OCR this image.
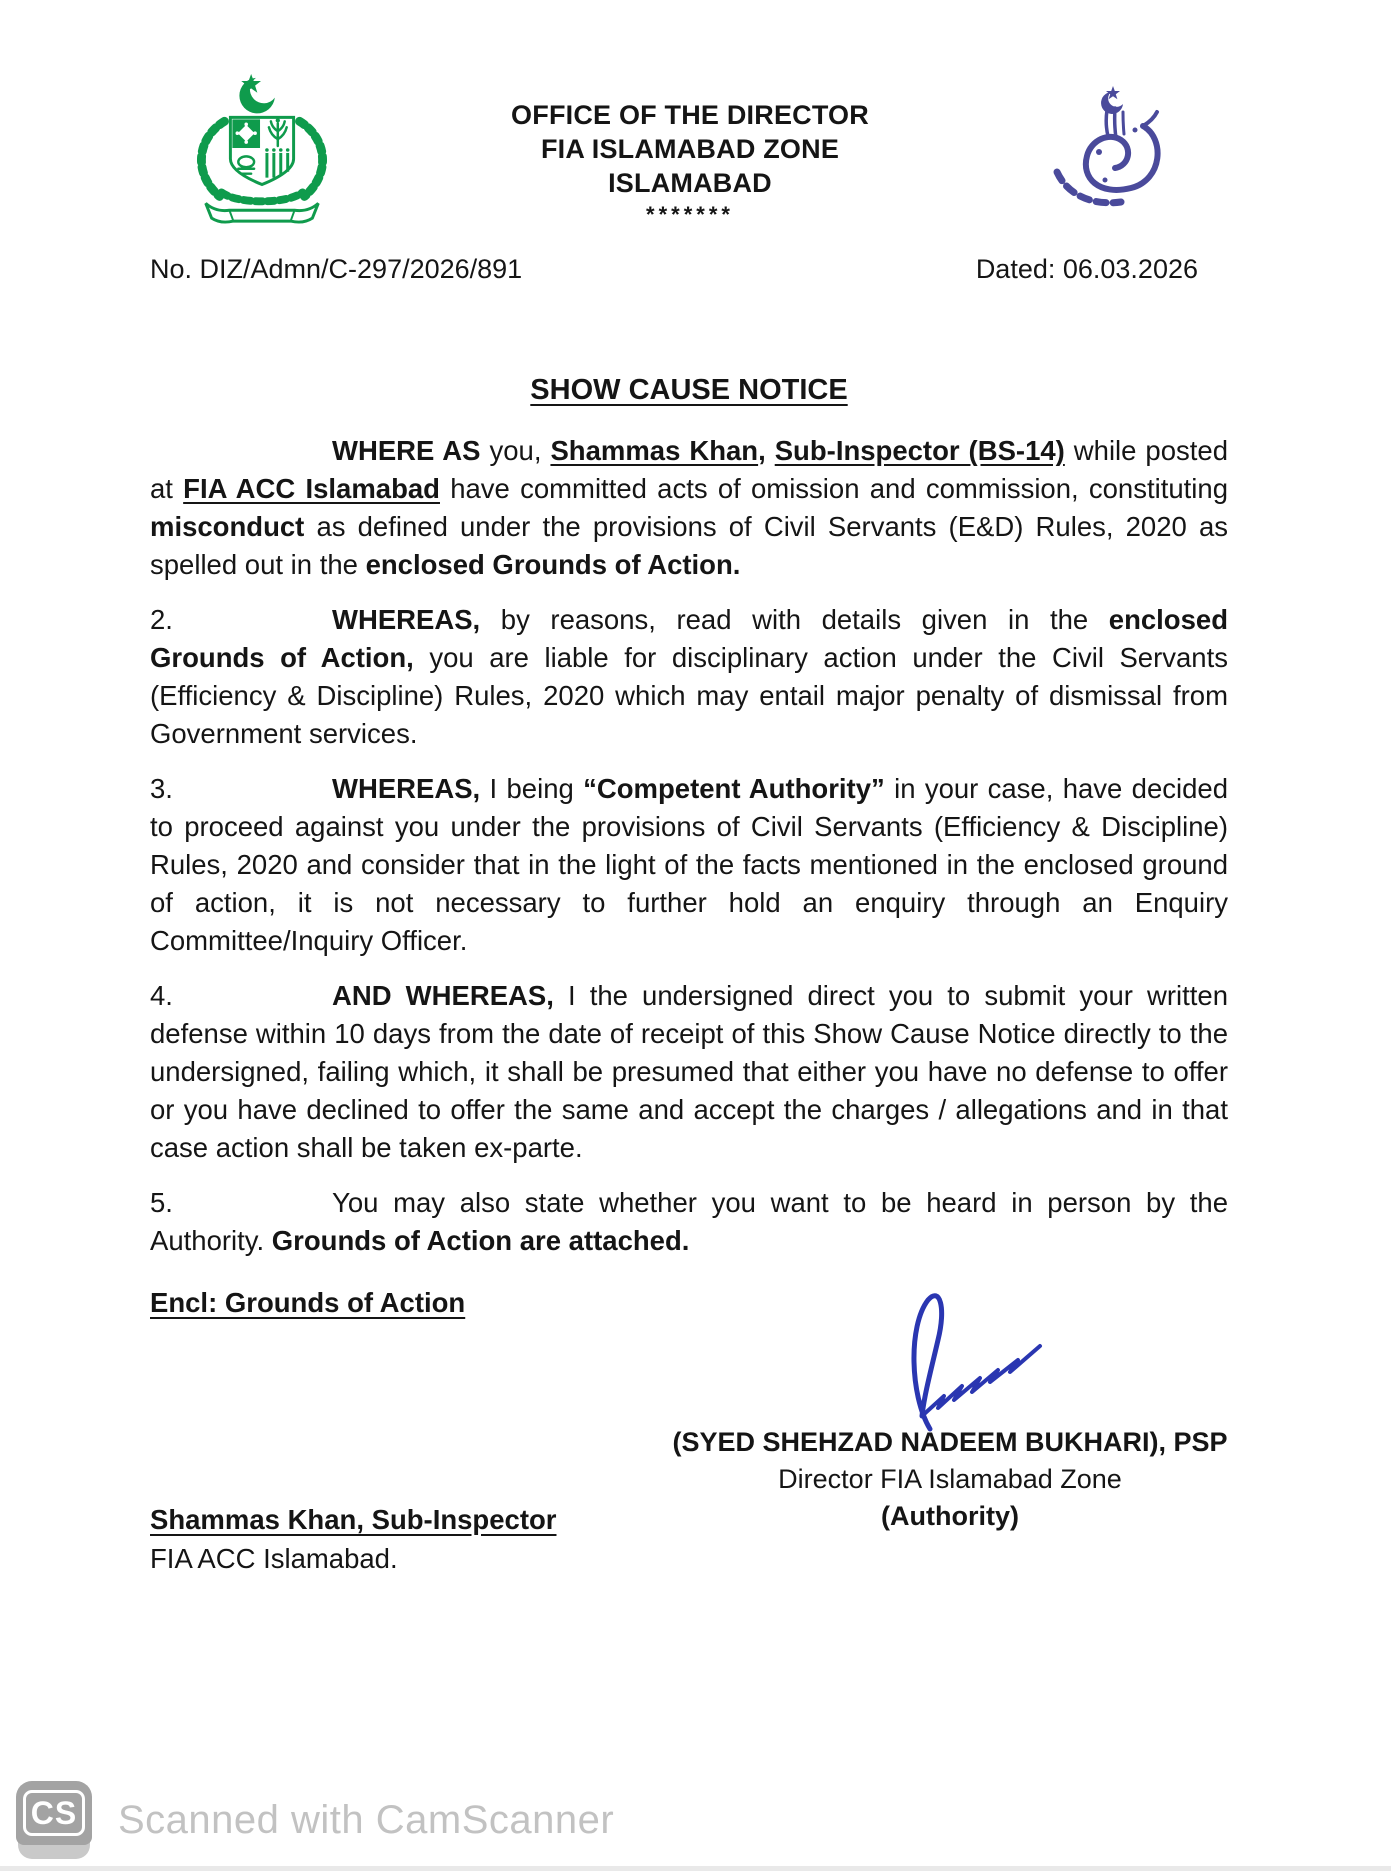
OFFICE OF THE DIRECTOR
FIA ISLAMABAD ZONE
ISLAMABAD
*******
No. DIZ/Admn/C-297/2026/891	Dated: 06.03.2026
SHOW CAUSE NOTICE
WHERE AS you, Shammas Khan, Sub-Inspector (BS-14) while posted at FIA ACC Islamabad have committed acts of omission and commission, constituting misconduct as defined under the provisions of Civil Servants (E&D) Rules, 2020 as spelled out in the enclosed Grounds of Action.
2.	WHEREAS, by reasons, read with details given in the enclosed Grounds of Action, you are liable for disciplinary action under the Civil Servants (Efficiency & Discipline) Rules, 2020 which may entail major penalty of dismissal from Government services.
3.	WHEREAS, I being “Competent Authority” in your case, have decided to proceed against you under the provisions of Civil Servants (Efficiency & Discipline) Rules, 2020 and consider that in the light of the facts mentioned in the enclosed ground of action, it is not necessary to further hold an enquiry through an Enquiry Committee/Inquiry Officer.
4.	AND WHEREAS, I the undersigned direct you to submit your written defense within 10 days from the date of receipt of this Show Cause Notice directly to the undersigned, failing which, it shall be presumed that either you have no defense to offer or you have declined to offer the same and accept the charges / allegations and in that case action shall be taken ex-parte.
5.	You may also state whether you want to be heard in person by the Authority. Grounds of Action are attached.
Encl: Grounds of Action
(SYED SHEHZAD NADEEM BUKHARI), PSP
Director FIA Islamabad Zone
(Authority)
Shammas Khan, Sub-Inspector
FIA ACC Islamabad.
CS Scanned with CamScanner
